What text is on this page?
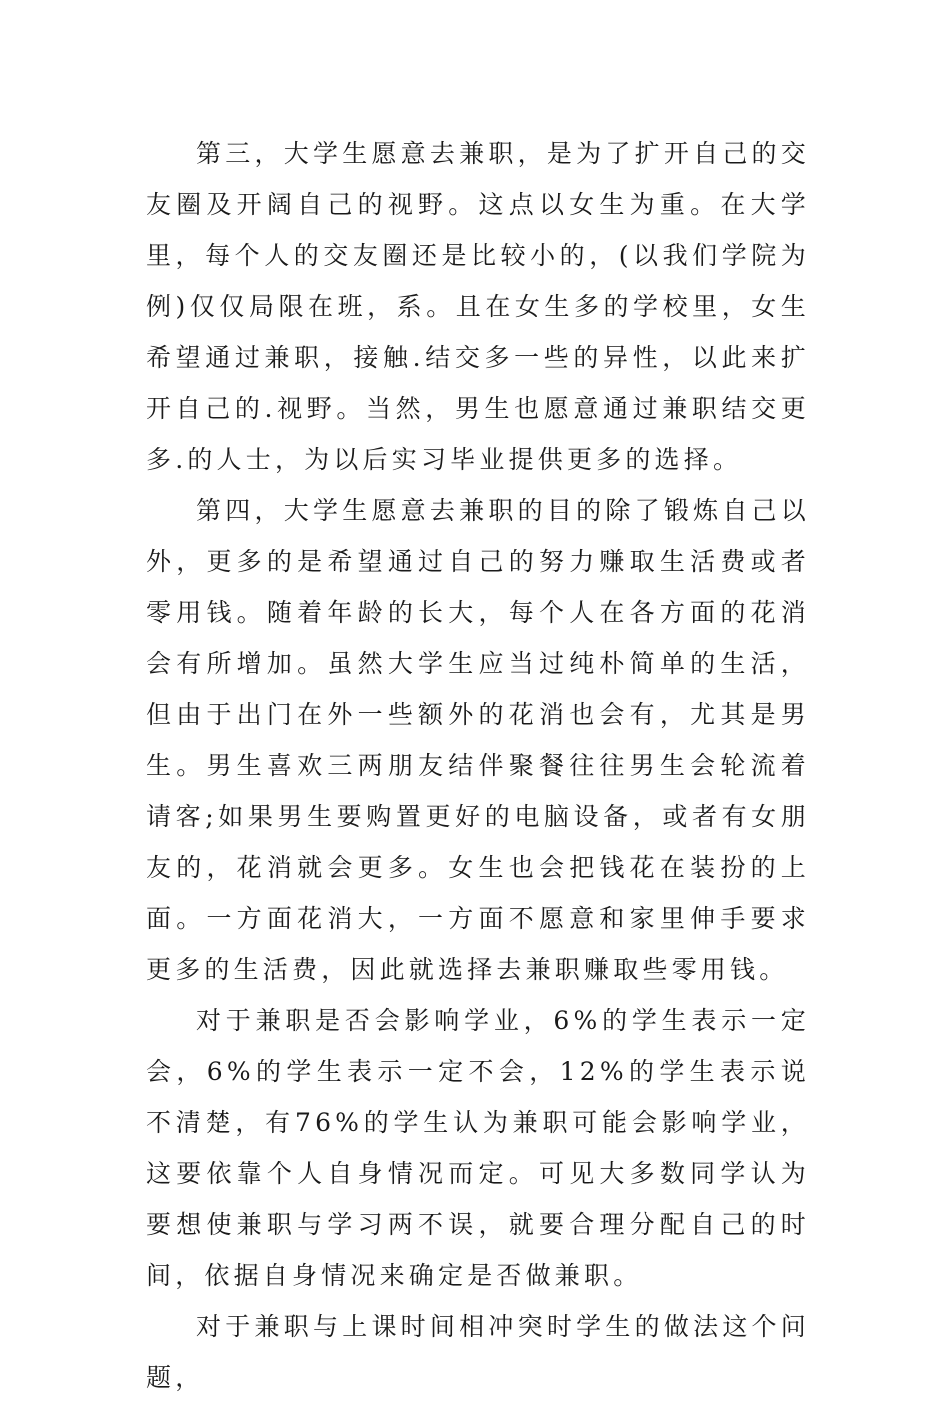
第三，大学生愿意去兼职，是为了扩开自己的交友圈及开阔自己的视野。这点以女生为重。在大学里，每个人的交友圈还是比较小的，(以我们学院为例)仅仅局限在班，系。且在女生多的学校里，女生希望通过兼职，接触.结交多一些的异性，以此来扩开自己的.视野。当然，男生也愿意通过兼职结交更多.的人士，为以后实习毕业提供更多的选择。

第四，大学生愿意去兼职的目的除了锻炼自己以外，更多的是希望通过自己的努力赚取生活费或者零用钱。随着年龄的长大，每个人在各方面的花消会有所增加。虽然大学生应当过纯朴简单的生活，但由于出门在外一些额外的花消也会有，尤其是男生。男生喜欢三两朋友结伴聚餐往往男生会轮流着请客;如果男生要购置更好的电脑设备，或者有女朋友的，花消就会更多。女生也会把钱花在装扮的上面。一方面花消大，一方面不愿意和家里伸手要求更多的生活费，因此就选择去兼职赚取些零用钱。

对于兼职是否会影响学业，6%的学生表示一定会，6%的学生表示一定不会，12%的学生表示说不清楚，有76%的学生认为兼职可能会影响学业，这要依靠个人自身情况而定。可见大多数同学认为要想使兼职与学习两不误，就要合理分配自己的时间，依据自身情况来确定是否做兼职。

对于兼职与上课时间相冲突时学生的做法这个问题，
